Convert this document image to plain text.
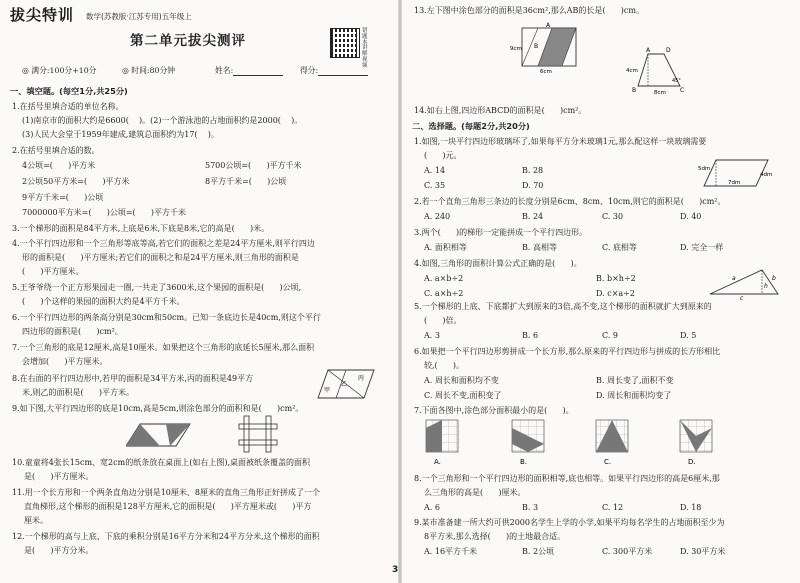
拔尖特训 数学(苏教版·江苏专用)五年级上
第二单元拔尖测评
错题本讲解视频
◎ 满分:100分+10分	◎ 时间:80分钟	姓名:	得分:
一、填空题。(每空1分,共25分)
1.在括号里填合适的单位名称。
(1)南京市的面积大约是6600(    )。(2)一个游泳池的占地面积约是2000(    )。
(3)人民大会堂于1959年建成,建筑总面积约为17(    )。
2.在括号里填合适的数。
4公顷=(      )平方米	5700公顷=(      )平方千米
2公顷50平方米=(      )平方米	8平方千米=(      )公顷
9平方千米=(      )公顷
7000000平方米=(      )公顷=(      )平方千米
3.一个梯形的面积是84平方米,上底是6米,下底是8米,它的高是(      )米。
4.一个平行四边形和一个三角形等底等高,若它们的面积之差是24平方厘米,则平行四边
形的面积是(      )平方厘米;若它们的面积之和是24平方厘米,则三角形的面积是
(      )平方厘米。
5.王爷爷绕一个正方形果园走一圈,一共走了3600米,这个果园的面积是(      )公顷,
(      )个这样的果园的面积大约是4平方千米。
6.一个平行四边形的两条高分别是30cm和50cm。已知一条底边长是40cm,则这个平行
四边形的面积是(      )cm²。
7.一个三角形的底是12厘米,高是10厘米。如果把这个三角形的底延长5厘米,那么面积
会增加(      )平方厘米。
8.在右面的平行四边形中,若甲的面积是34平方米,丙的面积是49平方
米,则乙的面积是(      )平方米。	甲
乙
丙
9.如下图,大平行四边形的底是10cm,高是5cm,则涂色部分的面积和是(      )cm²。
10.童童将4张长15cm、宽2cm的纸条放在桌面上(如右上图),桌面被纸条覆盖的面积
是(      )平方厘米。
11.用一个长方形和一个两条直角边分别是10厘米、8厘米的直角三角形正好拼成了一个
直角梯形,这个梯形的面积是128平方厘米,它的面积是(      )平方厘米或(      )平方
厘米。
12.一个梯形的高与上底、下底的乘积分别是16平方分米和24平方分米,这个梯形的面积
是(      )平方分米。
13.左下图中涂色部分的面积是36cm²,那么AB的长是(      )cm。
A
B
9cm
6cm
A
B	C
D
4cm
8cm
45°
14.如右上图,四边形ABCD的面积是(      )cm²。
二、选择题。(每题2分,共20分)
1.如图,一块平行四边形玻璃坏了,如果每平方分米玻璃1元,那么配这样一块玻璃需要
(      )元。
A. 14	B. 28
C. 35	D. 70
5dm
7dm
4dm
2.若一个直角三角形三条边的长度分别是6cm、8cm、10cm,则它的面积是(      )cm²。
A. 240	B. 24	C. 30	D. 40
3.两个(      )的梯形一定能拼成一个平行四边形。
A. 面积相等	B. 高相等	C. 底相等	D. 完全一样
4.如图,三角形的面积计算公式正确的是(      )。
A. a×b÷2	B. b×h÷2
C. a×h÷2	D. c×a÷2
a	b
c
h
5.一个梯形的上底、下底都扩大到原来的3倍,高不变,这个梯形的面积就扩大到原来的
(      )倍。
A. 3	B. 6	C. 9	D. 5
6.如果把一个平行四边形剪拼成一个长方形,那么原来的平行四边形与拼成的长方形相比
较,(      )。
A. 周长和面积均不变	B. 周长变了,面积不变
C. 周长不变,面积变了	D. 周长和面积均变了
7.下面各图中,涂色部分面积最小的是(      )。
A.	B.	C.	D.
8.一个三角形和一个平行四边形的面积相等,底也相等。如果平行四边形的高是6厘米,那
么三角形的高是(      )厘米。
A. 6	B. 3	C. 12	D. 18
9.某市准备建一所大约可供2000名学生上学的小学,如果平均每名学生的占地面积至少为
8平方米,那么选择(      )的土地最合适。
A. 16平方千米	B. 2公顷	C. 300平方米	D. 30平方米
3
